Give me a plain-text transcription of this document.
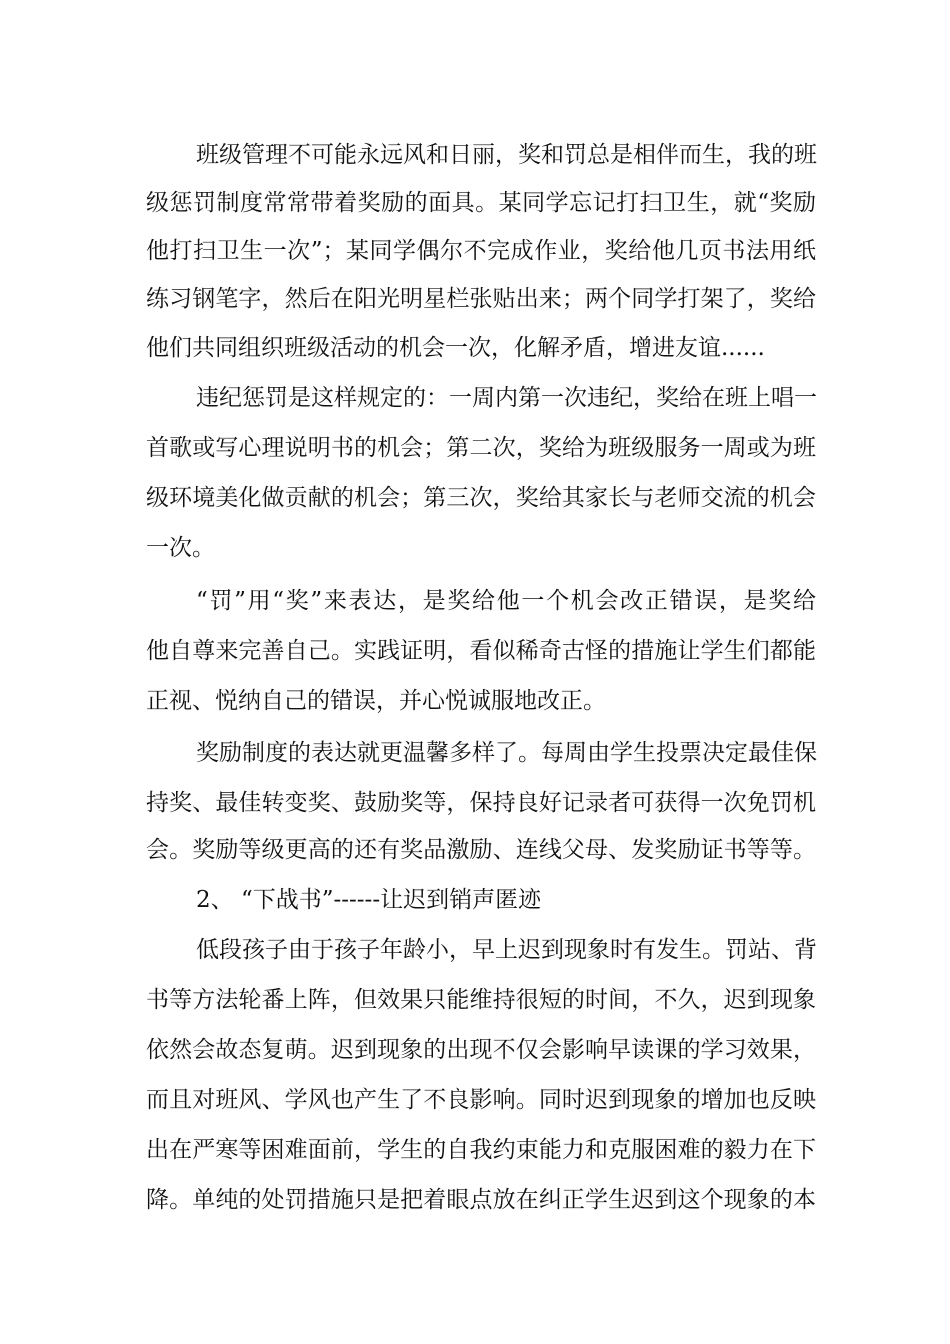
班级管理不可能永远风和日丽，奖和罚总是相伴而生，我的班
级惩罚制度常常带着奖励的面具。某同学忘记打扫卫生，就“奖励
他打扫卫生一次”；某同学偶尔不完成作业，奖给他几页书法用纸
练习钢笔字，然后在阳光明星栏张贴出来；两个同学打架了，奖给
他们共同组织班级活动的机会一次，化解矛盾，增进友谊......
违纪惩罚是这样规定的：一周内第一次违纪，奖给在班上唱一
首歌或写心理说明书的机会；第二次，奖给为班级服务一周或为班
级环境美化做贡献的机会；第三次，奖给其家长与老师交流的机会
一次。
“罚”用“奖”来表达，是奖给他一个机会改正错误，是奖给
他自尊来完善自己。实践证明，看似稀奇古怪的措施让学生们都能
正视、悦纳自己的错误，并心悦诚服地改正。
奖励制度的表达就更温馨多样了。每周由学生投票决定最佳保
持奖、最佳转变奖、鼓励奖等，保持良好记录者可获得一次免罚机
会。奖励等级更高的还有奖品激励、连线父母、发奖励证书等等。
2、 “下战书”------让迟到销声匿迹
低段孩子由于孩子年龄小，早上迟到现象时有发生。罚站、背
书等方法轮番上阵，但效果只能维持很短的时间，不久，迟到现象
依然会故态复萌。迟到现象的出现不仅会影响早读课的学习效果，
而且对班风、学风也产生了不良影响。同时迟到现象的增加也反映
出在严寒等困难面前，学生的自我约束能力和克服困难的毅力在下
降。单纯的处罚措施只是把着眼点放在纠正学生迟到这个现象的本
